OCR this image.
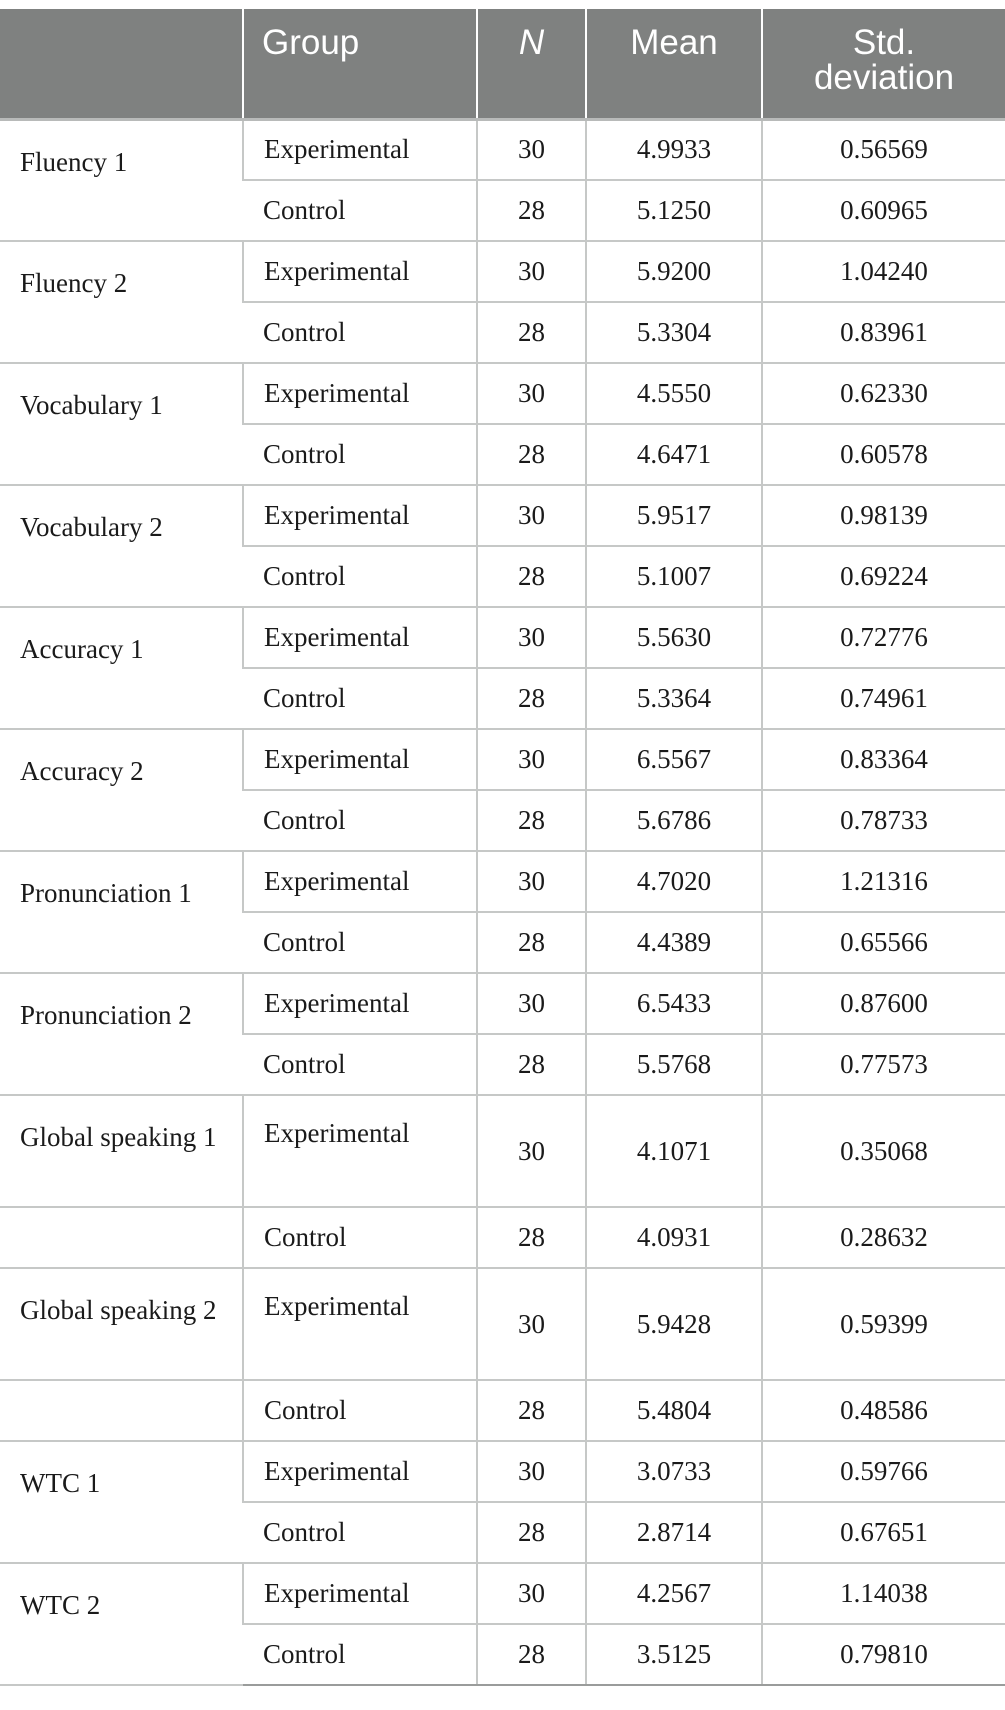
	Group	N	Mean	Std. deviation
Fluency 1	Experimental	30	4.9933	0.56569
	Control	28	5.1250	0.60965
Fluency 2	Experimental	30	5.9200	1.04240
	Control	28	5.3304	0.83961
Vocabulary 1	Experimental	30	4.5550	0.62330
	Control	28	4.6471	0.60578
Vocabulary 2	Experimental	30	5.9517	0.98139
	Control	28	5.1007	0.69224
Accuracy 1	Experimental	30	5.5630	0.72776
	Control	28	5.3364	0.74961
Accuracy 2	Experimental	30	6.5567	0.83364
	Control	28	5.6786	0.78733
Pronunciation 1	Experimental	30	4.7020	1.21316
	Control	28	4.4389	0.65566
Pronunciation 2	Experimental	30	6.5433	0.87600
	Control	28	5.5768	0.77573
Global speaking 1	Experimental	30	4.1071	0.35068
	Control	28	4.0931	0.28632
Global speaking 2	Experimental	30	5.9428	0.59399
	Control	28	5.4804	0.48586
WTC 1	Experimental	30	3.0733	0.59766
	Control	28	2.8714	0.67651
WTC 2	Experimental	30	4.2567	1.14038
	Control	28	3.5125	0.79810
